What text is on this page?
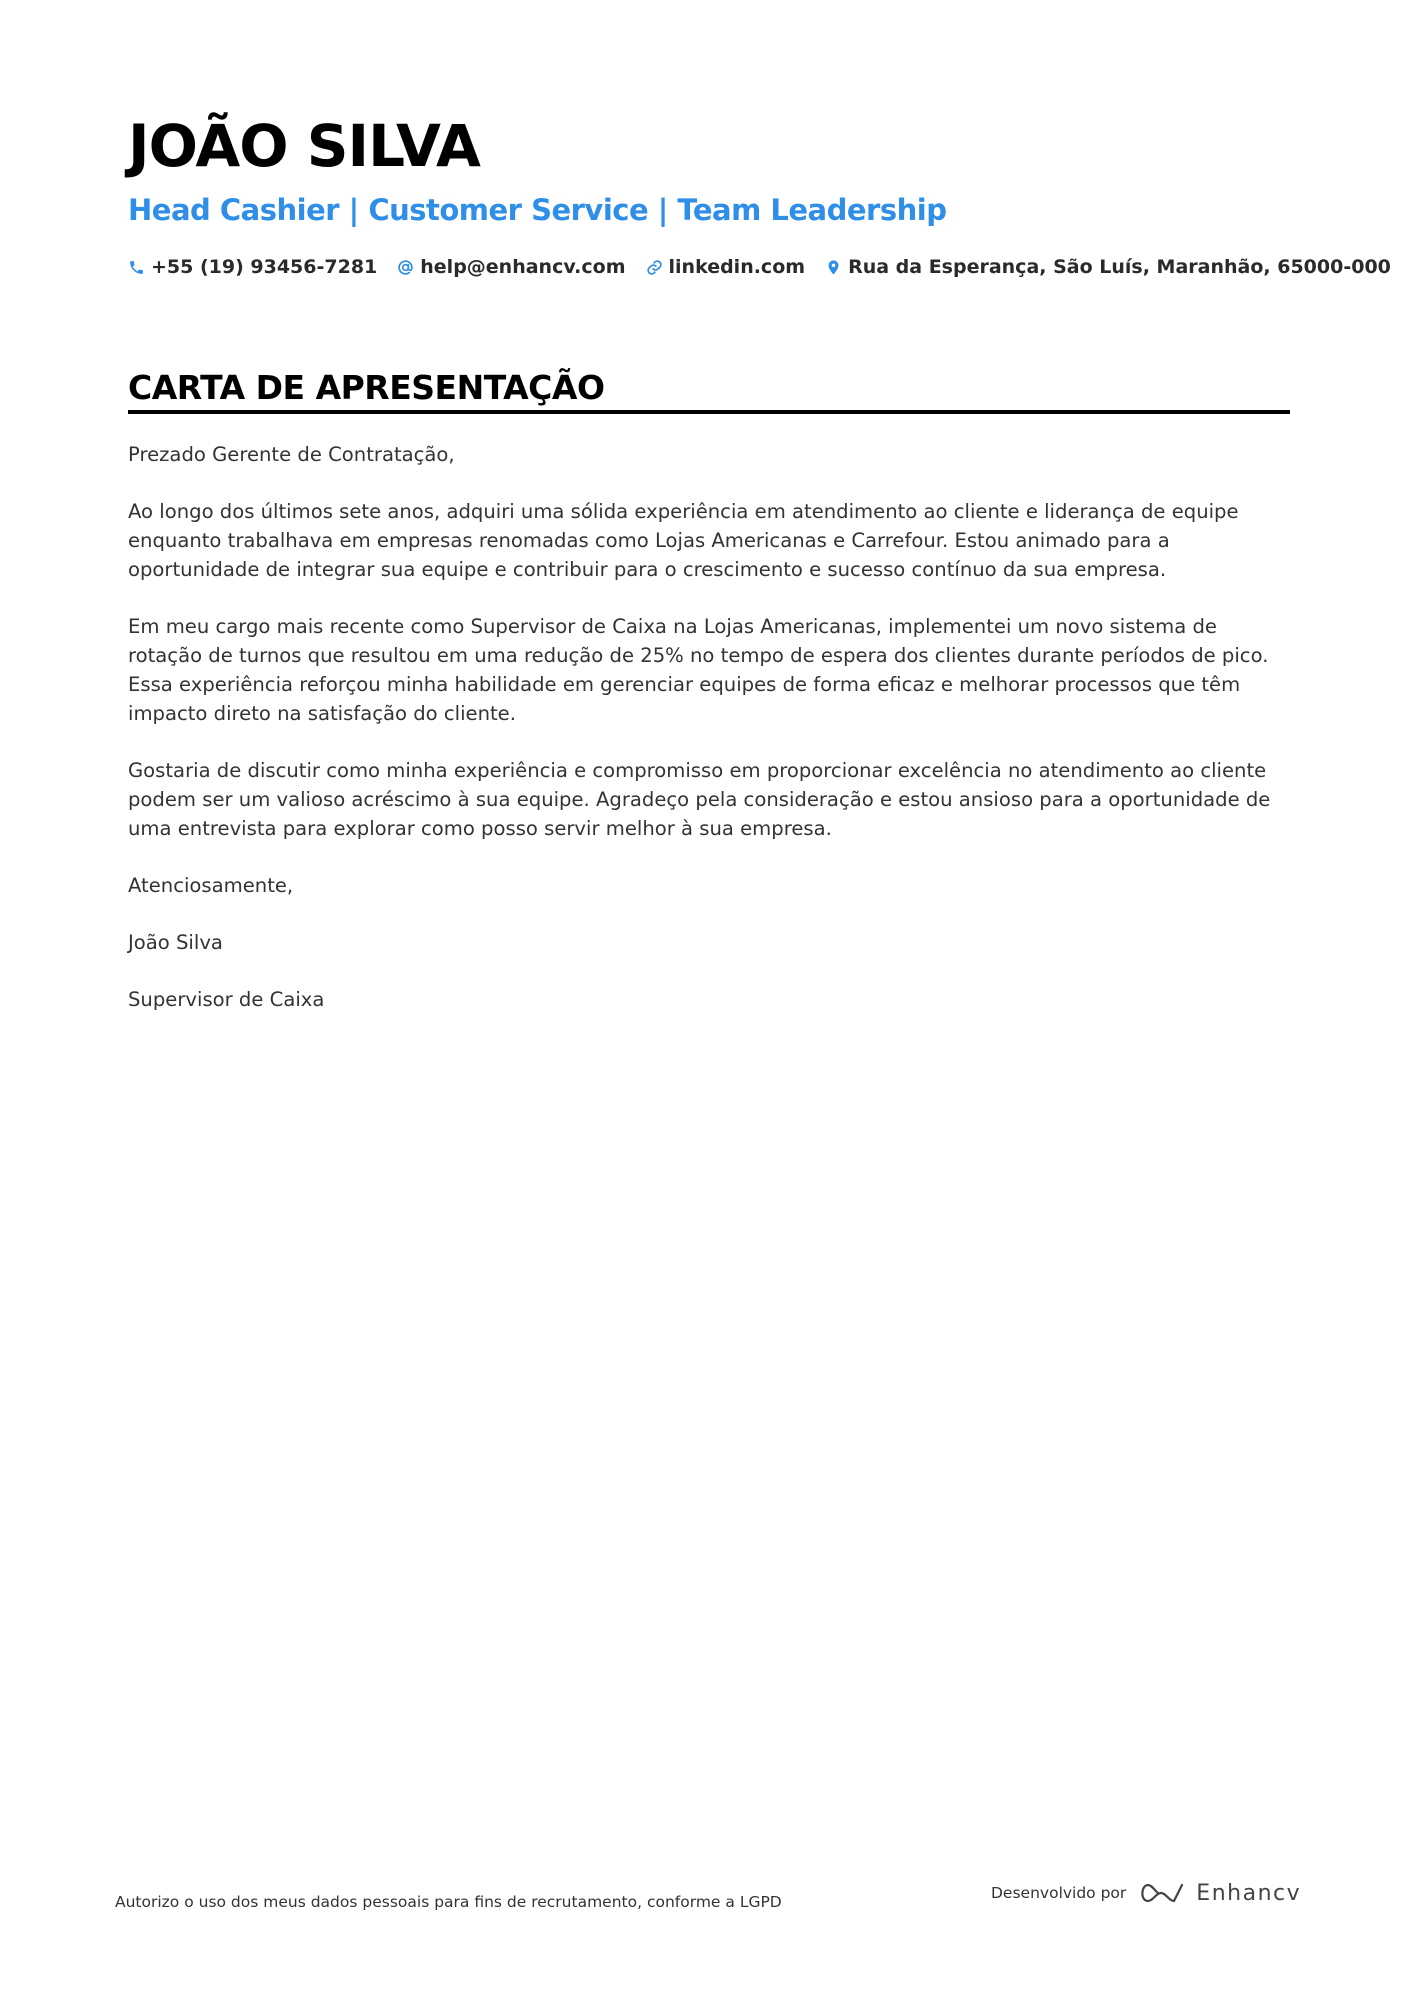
JOÃO SILVA
Head Cashier | Customer Service | Team Leadership
+55 (19) 93456-7281 help@enhancv.com linkedin.com Rua da Esperança, São Luís, Maranhão, 65000-000
CARTA DE APRESENTAÇÃO

Prezado Gerente de Contratação,

Ao longo dos últimos sete anos, adquiri uma sólida experiência em atendimento ao cliente e liderança de equipe enquanto trabalhava em empresas renomadas como Lojas Americanas e Carrefour. Estou animado para a oportunidade de integrar sua equipe e contribuir para o crescimento e sucesso contínuo da sua empresa.

Em meu cargo mais recente como Supervisor de Caixa na Lojas Americanas, implementei um novo sistema de rotação de turnos que resultou em uma redução de 25% no tempo de espera dos clientes durante períodos de pico. Essa experiência reforçou minha habilidade em gerenciar equipes de forma eficaz e melhorar processos que têm impacto direto na satisfação do cliente.

Gostaria de discutir como minha experiência e compromisso em proporcionar excelência no atendimento ao cliente podem ser um valioso acréscimo à sua equipe. Agradeço pela consideração e estou ansioso para a oportunidade de uma entrevista para explorar como posso servir melhor à sua empresa.

Atenciosamente,

João Silva

Supervisor de Caixa

Autorizo o uso dos meus dados pessoais para fins de recrutamento, conforme a LGPD	Desenvolvido por	Enhancv
